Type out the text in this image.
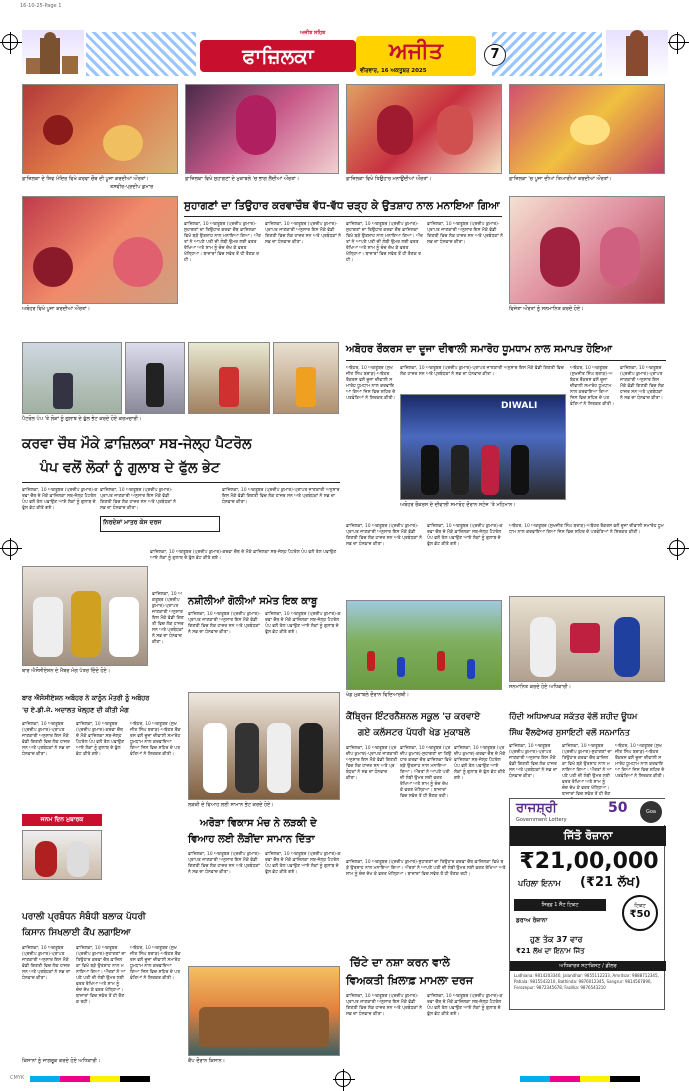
16-10-25-Page 1
ਫਾਜ਼ਿਲਕਾ	ਅਜੀਤ
ਅਜੀਤ ਸਹਿਤ
ਵੀਰਵਾਰ, 16 ਅਕਤੂਬਰ 2025
7
ਫ਼ਾਜ਼ਿਲਕਾ ਦੇ ਸ਼ਿਵ ਮੰਦਿਰ ਵਿਖੇ ਕਰਵਾ ਚੌਥ ਦੀ ਪੂਜਾ ਕਰਦੀਆਂ ਔਰਤਾਂ।	ਫ਼ਾਜ਼ਿਲਕਾ ਵਿਖੇ ਸੁਹਾਗਣਾਂ ਦੇ ਮੁਕਾਬਲੇ 'ਚ ਭਾਗ ਲੈਂਦੀਆਂ ਔਰਤਾਂ।	ਫ਼ਾਜ਼ਿਲਕਾ ਵਿਖੇ ਤਿਉਹਾਰ ਮਨਾਉਂਦੀਆਂ ਔਰਤਾਂ।	ਫ਼ਾਜ਼ਿਲਕਾ 'ਚ ਪੂਜਾ ਦੀਆਂ ਤਿਆਰੀਆਂ ਕਰਦੀਆਂ ਔਰਤਾਂ।
ਅਬੋਹਰ ਵਿਖੇ ਪੂਜਾ ਕਰਦੀਆਂ ਔਰਤਾਂ।
ਸੁਹਾਗਣਾਂ ਦਾ ਤਿਉਹਾਰ ਕਰਵਾਚੌਥ ਵੱਧ-ਵੱਧ ਚੜ੍ਹ ਕੇ ਉਤਸ਼ਾਹ ਨਾਲ ਮਨਾਇਆ ਗਿਆ
ਫ਼ਾਜ਼ਿਲਕਾ, 10 ਅਕਤੂਬਰ (ਪ੍ਰਦੀਪ ਕੁਮਾਰ)-ਸੁਹਾਗਣਾਂ ਦਾ ਤਿਉਹਾਰ ਕਰਵਾ ਚੌਥ ਫ਼ਾਜ਼ਿਲਕਾ ਵਿਖੇ ਬੜੇ ਉਤਸ਼ਾਹ ਨਾਲ ਮਨਾਇਆ ਗਿਆ। ਔਰਤਾਂ ਨੇ ਆਪਣੇ ਪਤੀ ਦੀ ਲੰਬੀ ਉਮਰ ਲਈ ਵਰਤ ਰੱਖਿਆ ਅਤੇ ਸ਼ਾਮ ਨੂੰ ਚੰਦ ਦੇਖ ਕੇ ਵਰਤ ਖੋਲ੍ਹਿਆ। ਬਾਜ਼ਾਰਾਂ ਵਿਚ ਸਵੇਰ ਤੋਂ ਹੀ ਰੌਣਕ ਰਹੀ।
ਫ਼ਾਜ਼ਿਲਕਾ, 10 ਅਕਤੂਬਰ (ਪ੍ਰਦੀਪ ਕੁਮਾਰ)-ਪ੍ਰਾਪਤ ਜਾਣਕਾਰੀ ਅਨੁਸਾਰ ਇਸ ਮੌਕੇ ਵੱਡੀ ਗਿਣਤੀ ਵਿਚ ਲੋਕ ਹਾਜ਼ਰ ਸਨ ਅਤੇ ਪ੍ਰਬੰਧਕਾਂ ਨੇ ਸਭ ਦਾ ਧੰਨਵਾਦ ਕੀਤਾ।
ਫ਼ਾਜ਼ਿਲਕਾ, 10 ਅਕਤੂਬਰ (ਪ੍ਰਦੀਪ ਕੁਮਾਰ)-ਸੁਹਾਗਣਾਂ ਦਾ ਤਿਉਹਾਰ ਕਰਵਾ ਚੌਥ ਫ਼ਾਜ਼ਿਲਕਾ ਵਿਖੇ ਬੜੇ ਉਤਸ਼ਾਹ ਨਾਲ ਮਨਾਇਆ ਗਿਆ। ਔਰਤਾਂ ਨੇ ਆਪਣੇ ਪਤੀ ਦੀ ਲੰਬੀ ਉਮਰ ਲਈ ਵਰਤ ਰੱਖਿਆ ਅਤੇ ਸ਼ਾਮ ਨੂੰ ਚੰਦ ਦੇਖ ਕੇ ਵਰਤ ਖੋਲ੍ਹਿਆ। ਬਾਜ਼ਾਰਾਂ ਵਿਚ ਸਵੇਰ ਤੋਂ ਹੀ ਰੌਣਕ ਰਹੀ।
ਫ਼ਾਜ਼ਿਲਕਾ, 10 ਅਕਤੂਬਰ (ਪ੍ਰਦੀਪ ਕੁਮਾਰ)-ਪ੍ਰਾਪਤ ਜਾਣਕਾਰੀ ਅਨੁਸਾਰ ਇਸ ਮੌਕੇ ਵੱਡੀ ਗਿਣਤੀ ਵਿਚ ਲੋਕ ਹਾਜ਼ਰ ਸਨ ਅਤੇ ਪ੍ਰਬੰਧਕਾਂ ਨੇ ਸਭ ਦਾ ਧੰਨਵਾਦ ਕੀਤਾ।
ਵਿਜੇਤਾ ਔਰਤਾਂ ਨੂੰ ਸਨਮਾਨਿਤ ਕਰਦੇ ਹੋਏ।
ਪੈਟਰੋਲ ਪੰਪ 'ਤੇ ਲੋਕਾਂ ਨੂੰ ਗੁਲਾਬ ਦੇ ਫੁੱਲ ਭੇਟ ਕਰਦੇ ਹੋਏ ਕਰਮਚਾਰੀ।
ਅਬੋਹਰ ਰੌਕਰਸ ਦਾ ਦੂਜਾ ਦੀਵਾਲੀ ਸਮਾਰੋਹ ਧੂਮਧਾਮ ਨਾਲ ਸਮਾਪਤ ਹੋਇਆ
ਅਬੋਹਰ, 10 ਅਕਤੂਬਰ (ਸੁਖਜੀਤ ਸਿੰਘ ਬਰਾੜ)-ਅਬੋਹਰ ਰੌਕਰਸ ਵਲੋਂ ਦੂਜਾ ਦੀਵਾਲੀ ਸਮਾਰੋਹ ਧੂਮਧਾਮ ਨਾਲ ਕਰਵਾਇਆ ਗਿਆ ਜਿਸ ਵਿਚ ਸ਼ਹਿਰ ਦੇ ਪਤਵੰਤਿਆਂ ਨੇ ਸ਼ਿਰਕਤ ਕੀਤੀ।
DIWALI
ਅਬੋਹਰ ਰੌਕਰਸ ਦੇ ਦੀਵਾਲੀ ਸਮਾਰੋਹ ਦੌਰਾਨ ਸਟੇਜ 'ਤੇ ਮਹਿਮਾਨ।
ਫ਼ਾਜ਼ਿਲਕਾ, 10 ਅਕਤੂਬਰ (ਪ੍ਰਦੀਪ ਕੁਮਾਰ)-ਪ੍ਰਾਪਤ ਜਾਣਕਾਰੀ ਅਨੁਸਾਰ ਇਸ ਮੌਕੇ ਵੱਡੀ ਗਿਣਤੀ ਵਿਚ ਲੋਕ ਹਾਜ਼ਰ ਸਨ ਅਤੇ ਪ੍ਰਬੰਧਕਾਂ ਨੇ ਸਭ ਦਾ ਧੰਨਵਾਦ ਕੀਤਾ।
ਅਬੋਹਰ, 10 ਅਕਤੂਬਰ (ਸੁਖਜੀਤ ਸਿੰਘ ਬਰਾੜ)-ਅਬੋਹਰ ਰੌਕਰਸ ਵਲੋਂ ਦੂਜਾ ਦੀਵਾਲੀ ਸਮਾਰੋਹ ਧੂਮਧਾਮ ਨਾਲ ਕਰਵਾਇਆ ਗਿਆ ਜਿਸ ਵਿਚ ਸ਼ਹਿਰ ਦੇ ਪਤਵੰਤਿਆਂ ਨੇ ਸ਼ਿਰਕਤ ਕੀਤੀ।
ਫ਼ਾਜ਼ਿਲਕਾ, 10 ਅਕਤੂਬਰ (ਪ੍ਰਦੀਪ ਕੁਮਾਰ)-ਪ੍ਰਾਪਤ ਜਾਣਕਾਰੀ ਅਨੁਸਾਰ ਇਸ ਮੌਕੇ ਵੱਡੀ ਗਿਣਤੀ ਵਿਚ ਲੋਕ ਹਾਜ਼ਰ ਸਨ ਅਤੇ ਪ੍ਰਬੰਧਕਾਂ ਨੇ ਸਭ ਦਾ ਧੰਨਵਾਦ ਕੀਤਾ।
ਕਰਵਾ ਚੌਥ ਮੌਕੇ ਫ਼ਾਜ਼ਿਲਕਾ ਸਬ-ਜੇਲ੍ਹ ਪੈਟਰੋਲ
ਪੰਪ ਵਲੋਂ ਲੋਕਾਂ ਨੂੰ ਗੁਲਾਬ ਦੇ ਫੁੱਲ ਭੇਟ
ਫ਼ਾਜ਼ਿਲਕਾ, 10 ਅਕਤੂਬਰ (ਪ੍ਰਦੀਪ ਕੁਮਾਰ)-ਕਰਵਾ ਚੌਥ ਦੇ ਮੌਕੇ ਫ਼ਾਜ਼ਿਲਕਾ ਸਬ-ਜੇਲ੍ਹ ਪੈਟਰੋਲ ਪੰਪ ਵਲੋਂ ਤੇਲ ਪਵਾਉਣ ਆਏ ਲੋਕਾਂ ਨੂੰ ਗੁਲਾਬ ਦੇ ਫੁੱਲ ਭੇਟ ਕੀਤੇ ਗਏ।
ਨਿਰਦੇਸ਼ਾਂ ਮਾਤਰ ਕੇਸ ਦਰਜ
ਫ਼ਾਜ਼ਿਲਕਾ, 10 ਅਕਤੂਬਰ (ਪ੍ਰਦੀਪ ਕੁਮਾਰ)-ਪ੍ਰਾਪਤ ਜਾਣਕਾਰੀ ਅਨੁਸਾਰ ਇਸ ਮੌਕੇ ਵੱਡੀ ਗਿਣਤੀ ਵਿਚ ਲੋਕ ਹਾਜ਼ਰ ਸਨ ਅਤੇ ਪ੍ਰਬੰਧਕਾਂ ਨੇ ਸਭ ਦਾ ਧੰਨਵਾਦ ਕੀਤਾ।
ਫ਼ਾਜ਼ਿਲਕਾ, 10 ਅਕਤੂਬਰ (ਪ੍ਰਦੀਪ ਕੁਮਾਰ)-ਪ੍ਰਾਪਤ ਜਾਣਕਾਰੀ ਅਨੁਸਾਰ ਇਸ ਮੌਕੇ ਵੱਡੀ ਗਿਣਤੀ ਵਿਚ ਲੋਕ ਹਾਜ਼ਰ ਸਨ ਅਤੇ ਪ੍ਰਬੰਧਕਾਂ ਨੇ ਸਭ ਦਾ ਧੰਨਵਾਦ ਕੀਤਾ।
ਫ਼ਾਜ਼ਿਲਕਾ, 10 ਅਕਤੂਬਰ (ਪ੍ਰਦੀਪ ਕੁਮਾਰ)-ਕਰਵਾ ਚੌਥ ਦੇ ਮੌਕੇ ਫ਼ਾਜ਼ਿਲਕਾ ਸਬ-ਜੇਲ੍ਹ ਪੈਟਰੋਲ ਪੰਪ ਵਲੋਂ ਤੇਲ ਪਵਾਉਣ ਆਏ ਲੋਕਾਂ ਨੂੰ ਗੁਲਾਬ ਦੇ ਫੁੱਲ ਭੇਟ ਕੀਤੇ ਗਏ।
ਬਾਰ ਐਸੋਸੀਏਸ਼ਨ ਦੇ ਮੈਂਬਰ ਮੰਗ ਪੱਤਰ ਦਿੰਦੇ ਹੋਏ।
ਫ਼ਾਜ਼ਿਲਕਾ, 10 ਅਕਤੂਬਰ (ਪ੍ਰਦੀਪ ਕੁਮਾਰ)-ਪ੍ਰਾਪਤ ਜਾਣਕਾਰੀ ਅਨੁਸਾਰ ਇਸ ਮੌਕੇ ਵੱਡੀ ਗਿਣਤੀ ਵਿਚ ਲੋਕ ਹਾਜ਼ਰ ਸਨ ਅਤੇ ਪ੍ਰਬੰਧਕਾਂ ਨੇ ਸਭ ਦਾ ਧੰਨਵਾਦ ਕੀਤਾ।
ਨਸ਼ੀਲੀਆਂ ਗੋਲੀਆਂ ਸਮੇਤ ਇਕ ਕਾਬੂ
ਫ਼ਾਜ਼ਿਲਕਾ, 10 ਅਕਤੂਬਰ (ਪ੍ਰਦੀਪ ਕੁਮਾਰ)-ਪ੍ਰਾਪਤ ਜਾਣਕਾਰੀ ਅਨੁਸਾਰ ਇਸ ਮੌਕੇ ਵੱਡੀ ਗਿਣਤੀ ਵਿਚ ਲੋਕ ਹਾਜ਼ਰ ਸਨ ਅਤੇ ਪ੍ਰਬੰਧਕਾਂ ਨੇ ਸਭ ਦਾ ਧੰਨਵਾਦ ਕੀਤਾ।
ਫ਼ਾਜ਼ਿਲਕਾ, 10 ਅਕਤੂਬਰ (ਪ੍ਰਦੀਪ ਕੁਮਾਰ)-ਕਰਵਾ ਚੌਥ ਦੇ ਮੌਕੇ ਫ਼ਾਜ਼ਿਲਕਾ ਸਬ-ਜੇਲ੍ਹ ਪੈਟਰੋਲ ਪੰਪ ਵਲੋਂ ਤੇਲ ਪਵਾਉਣ ਆਏ ਲੋਕਾਂ ਨੂੰ ਗੁਲਾਬ ਦੇ ਫੁੱਲ ਭੇਟ ਕੀਤੇ ਗਏ।
ਬਾਰ ਐਸੋਸੀਏਸ਼ਨ ਅਬੋਹਰ ਨੇ ਕਾਨੂੰਨ ਮੰਤਰੀ ਨੂੰ ਅਬੋਹਰ
'ਚ ਏ.ਡੀ.ਜੇ. ਅਦਾਲਤ ਖੋਲ੍ਹਣ ਦੀ ਕੀਤੀ ਮੰਗ
ਫ਼ਾਜ਼ਿਲਕਾ, 10 ਅਕਤੂਬਰ (ਪ੍ਰਦੀਪ ਕੁਮਾਰ)-ਪ੍ਰਾਪਤ ਜਾਣਕਾਰੀ ਅਨੁਸਾਰ ਇਸ ਮੌਕੇ ਵੱਡੀ ਗਿਣਤੀ ਵਿਚ ਲੋਕ ਹਾਜ਼ਰ ਸਨ ਅਤੇ ਪ੍ਰਬੰਧਕਾਂ ਨੇ ਸਭ ਦਾ ਧੰਨਵਾਦ ਕੀਤਾ।
ਫ਼ਾਜ਼ਿਲਕਾ, 10 ਅਕਤੂਬਰ (ਪ੍ਰਦੀਪ ਕੁਮਾਰ)-ਕਰਵਾ ਚੌਥ ਦੇ ਮੌਕੇ ਫ਼ਾਜ਼ਿਲਕਾ ਸਬ-ਜੇਲ੍ਹ ਪੈਟਰੋਲ ਪੰਪ ਵਲੋਂ ਤੇਲ ਪਵਾਉਣ ਆਏ ਲੋਕਾਂ ਨੂੰ ਗੁਲਾਬ ਦੇ ਫੁੱਲ ਭੇਟ ਕੀਤੇ ਗਏ।
ਅਬੋਹਰ, 10 ਅਕਤੂਬਰ (ਸੁਖਜੀਤ ਸਿੰਘ ਬਰਾੜ)-ਅਬੋਹਰ ਰੌਕਰਸ ਵਲੋਂ ਦੂਜਾ ਦੀਵਾਲੀ ਸਮਾਰੋਹ ਧੂਮਧਾਮ ਨਾਲ ਕਰਵਾਇਆ ਗਿਆ ਜਿਸ ਵਿਚ ਸ਼ਹਿਰ ਦੇ ਪਤਵੰਤਿਆਂ ਨੇ ਸ਼ਿਰਕਤ ਕੀਤੀ।
ਜਨਮ ਦਿਨ ਮੁਬਾਰਕ
ਲੜਕੀ ਦੇ ਵਿਆਹ ਲਈ ਸਾਮਾਨ ਭੇਟ ਕਰਦੇ ਹੋਏ।
ਅਰੋੜਾ ਵਿਕਾਸ ਮੰਚ ਨੇ ਲੜਕੀ ਦੇ
ਵਿਆਹ ਲਈ ਲੋੜੀਂਦਾ ਸਾਮਾਨ ਦਿੱਤਾ
ਫ਼ਾਜ਼ਿਲਕਾ, 10 ਅਕਤੂਬਰ (ਪ੍ਰਦੀਪ ਕੁਮਾਰ)-ਪ੍ਰਾਪਤ ਜਾਣਕਾਰੀ ਅਨੁਸਾਰ ਇਸ ਮੌਕੇ ਵੱਡੀ ਗਿਣਤੀ ਵਿਚ ਲੋਕ ਹਾਜ਼ਰ ਸਨ ਅਤੇ ਪ੍ਰਬੰਧਕਾਂ ਨੇ ਸਭ ਦਾ ਧੰਨਵਾਦ ਕੀਤਾ।
ਫ਼ਾਜ਼ਿਲਕਾ, 10 ਅਕਤੂਬਰ (ਪ੍ਰਦੀਪ ਕੁਮਾਰ)-ਕਰਵਾ ਚੌਥ ਦੇ ਮੌਕੇ ਫ਼ਾਜ਼ਿਲਕਾ ਸਬ-ਜੇਲ੍ਹ ਪੈਟਰੋਲ ਪੰਪ ਵਲੋਂ ਤੇਲ ਪਵਾਉਣ ਆਏ ਲੋਕਾਂ ਨੂੰ ਗੁਲਾਬ ਦੇ ਫੁੱਲ ਭੇਟ ਕੀਤੇ ਗਏ।
ਪਰਾਲੀ ਪ੍ਰਬੰਧਨ ਸੰਬੰਧੀ ਬਲਾਕ ਪੱਧਰੀ
ਕਿਸਾਨ ਸਿਖਲਾਈ ਕੈਂਪ ਲਗਾਇਆ
ਫ਼ਾਜ਼ਿਲਕਾ, 10 ਅਕਤੂਬਰ (ਪ੍ਰਦੀਪ ਕੁਮਾਰ)-ਪ੍ਰਾਪਤ ਜਾਣਕਾਰੀ ਅਨੁਸਾਰ ਇਸ ਮੌਕੇ ਵੱਡੀ ਗਿਣਤੀ ਵਿਚ ਲੋਕ ਹਾਜ਼ਰ ਸਨ ਅਤੇ ਪ੍ਰਬੰਧਕਾਂ ਨੇ ਸਭ ਦਾ ਧੰਨਵਾਦ ਕੀਤਾ।
ਫ਼ਾਜ਼ਿਲਕਾ, 10 ਅਕਤੂਬਰ (ਪ੍ਰਦੀਪ ਕੁਮਾਰ)-ਸੁਹਾਗਣਾਂ ਦਾ ਤਿਉਹਾਰ ਕਰਵਾ ਚੌਥ ਫ਼ਾਜ਼ਿਲਕਾ ਵਿਖੇ ਬੜੇ ਉਤਸ਼ਾਹ ਨਾਲ ਮਨਾਇਆ ਗਿਆ। ਔਰਤਾਂ ਨੇ ਆਪਣੇ ਪਤੀ ਦੀ ਲੰਬੀ ਉਮਰ ਲਈ ਵਰਤ ਰੱਖਿਆ ਅਤੇ ਸ਼ਾਮ ਨੂੰ ਚੰਦ ਦੇਖ ਕੇ ਵਰਤ ਖੋਲ੍ਹਿਆ। ਬਾਜ਼ਾਰਾਂ ਵਿਚ ਸਵੇਰ ਤੋਂ ਹੀ ਰੌਣਕ ਰਹੀ।
ਅਬੋਹਰ, 10 ਅਕਤੂਬਰ (ਸੁਖਜੀਤ ਸਿੰਘ ਬਰਾੜ)-ਅਬੋਹਰ ਰੌਕਰਸ ਵਲੋਂ ਦੂਜਾ ਦੀਵਾਲੀ ਸਮਾਰੋਹ ਧੂਮਧਾਮ ਨਾਲ ਕਰਵਾਇਆ ਗਿਆ ਜਿਸ ਵਿਚ ਸ਼ਹਿਰ ਦੇ ਪਤਵੰਤਿਆਂ ਨੇ ਸ਼ਿਰਕਤ ਕੀਤੀ।
ਕੈਂਪ ਦੌਰਾਨ ਕਿਸਾਨ।
ਫ਼ਾਜ਼ਿਲਕਾ, 10 ਅਕਤੂਬਰ (ਪ੍ਰਦੀਪ ਕੁਮਾਰ)-ਪ੍ਰਾਪਤ ਜਾਣਕਾਰੀ ਅਨੁਸਾਰ ਇਸ ਮੌਕੇ ਵੱਡੀ ਗਿਣਤੀ ਵਿਚ ਲੋਕ ਹਾਜ਼ਰ ਸਨ ਅਤੇ ਪ੍ਰਬੰਧਕਾਂ ਨੇ ਸਭ ਦਾ ਧੰਨਵਾਦ ਕੀਤਾ।
ਫ਼ਾਜ਼ਿਲਕਾ, 10 ਅਕਤੂਬਰ (ਪ੍ਰਦੀਪ ਕੁਮਾਰ)-ਕਰਵਾ ਚੌਥ ਦੇ ਮੌਕੇ ਫ਼ਾਜ਼ਿਲਕਾ ਸਬ-ਜੇਲ੍ਹ ਪੈਟਰੋਲ ਪੰਪ ਵਲੋਂ ਤੇਲ ਪਵਾਉਣ ਆਏ ਲੋਕਾਂ ਨੂੰ ਗੁਲਾਬ ਦੇ ਫੁੱਲ ਭੇਟ ਕੀਤੇ ਗਏ।
ਖੇਡ ਮੁਕਾਬਲੇ ਦੌਰਾਨ ਵਿਦਿਆਰਥੀ।
ਕੈਂਬ੍ਰਿਜ ਇੰਟਰਨੈਸ਼ਨਲ ਸਕੂਲ 'ਚ ਕਰਵਾਏ
ਗਏ ਕਲੱਸਟਰ ਪੱਧਰੀ ਖੇਡ ਮੁਕਾਬਲੇ
ਫ਼ਾਜ਼ਿਲਕਾ, 10 ਅਕਤੂਬਰ (ਪ੍ਰਦੀਪ ਕੁਮਾਰ)-ਪ੍ਰਾਪਤ ਜਾਣਕਾਰੀ ਅਨੁਸਾਰ ਇਸ ਮੌਕੇ ਵੱਡੀ ਗਿਣਤੀ ਵਿਚ ਲੋਕ ਹਾਜ਼ਰ ਸਨ ਅਤੇ ਪ੍ਰਬੰਧਕਾਂ ਨੇ ਸਭ ਦਾ ਧੰਨਵਾਦ ਕੀਤਾ।
ਫ਼ਾਜ਼ਿਲਕਾ, 10 ਅਕਤੂਬਰ (ਪ੍ਰਦੀਪ ਕੁਮਾਰ)-ਸੁਹਾਗਣਾਂ ਦਾ ਤਿਉਹਾਰ ਕਰਵਾ ਚੌਥ ਫ਼ਾਜ਼ਿਲਕਾ ਵਿਖੇ ਬੜੇ ਉਤਸ਼ਾਹ ਨਾਲ ਮਨਾਇਆ ਗਿਆ। ਔਰਤਾਂ ਨੇ ਆਪਣੇ ਪਤੀ ਦੀ ਲੰਬੀ ਉਮਰ ਲਈ ਵਰਤ ਰੱਖਿਆ ਅਤੇ ਸ਼ਾਮ ਨੂੰ ਚੰਦ ਦੇਖ ਕੇ ਵਰਤ ਖੋਲ੍ਹਿਆ। ਬਾਜ਼ਾਰਾਂ ਵਿਚ ਸਵੇਰ ਤੋਂ ਹੀ ਰੌਣਕ ਰਹੀ।
ਫ਼ਾਜ਼ਿਲਕਾ, 10 ਅਕਤੂਬਰ (ਪ੍ਰਦੀਪ ਕੁਮਾਰ)-ਕਰਵਾ ਚੌਥ ਦੇ ਮੌਕੇ ਫ਼ਾਜ਼ਿਲਕਾ ਸਬ-ਜੇਲ੍ਹ ਪੈਟਰੋਲ ਪੰਪ ਵਲੋਂ ਤੇਲ ਪਵਾਉਣ ਆਏ ਲੋਕਾਂ ਨੂੰ ਗੁਲਾਬ ਦੇ ਫੁੱਲ ਭੇਟ ਕੀਤੇ ਗਏ।
ਅਬੋਹਰ, 10 ਅਕਤੂਬਰ (ਸੁਖਜੀਤ ਸਿੰਘ ਬਰਾੜ)-ਅਬੋਹਰ ਰੌਕਰਸ ਵਲੋਂ ਦੂਜਾ ਦੀਵਾਲੀ ਸਮਾਰੋਹ ਧੂਮਧਾਮ ਨਾਲ ਕਰਵਾਇਆ ਗਿਆ ਜਿਸ ਵਿਚ ਸ਼ਹਿਰ ਦੇ ਪਤਵੰਤਿਆਂ ਨੇ ਸ਼ਿਰਕਤ ਕੀਤੀ।
ਸਨਮਾਨਿਤ ਕਰਦੇ ਹੋਏ ਅਧਿਕਾਰੀ।
ਹਿੰਦੀ ਅਧਿਆਪਕ ਸਕੱਤਰ ਵੱਲੋਂ ਸ਼ਹੀਦ ਊਧਮ
ਸਿੰਘ ਵੈੱਲਫੇਅਰ ਸੁਸਾਇਟੀ ਵਲੋਂ ਸਨਮਾਨਿਤ
ਫ਼ਾਜ਼ਿਲਕਾ, 10 ਅਕਤੂਬਰ (ਪ੍ਰਦੀਪ ਕੁਮਾਰ)-ਪ੍ਰਾਪਤ ਜਾਣਕਾਰੀ ਅਨੁਸਾਰ ਇਸ ਮੌਕੇ ਵੱਡੀ ਗਿਣਤੀ ਵਿਚ ਲੋਕ ਹਾਜ਼ਰ ਸਨ ਅਤੇ ਪ੍ਰਬੰਧਕਾਂ ਨੇ ਸਭ ਦਾ ਧੰਨਵਾਦ ਕੀਤਾ।
ਫ਼ਾਜ਼ਿਲਕਾ, 10 ਅਕਤੂਬਰ (ਪ੍ਰਦੀਪ ਕੁਮਾਰ)-ਸੁਹਾਗਣਾਂ ਦਾ ਤਿਉਹਾਰ ਕਰਵਾ ਚੌਥ ਫ਼ਾਜ਼ਿਲਕਾ ਵਿਖੇ ਬੜੇ ਉਤਸ਼ਾਹ ਨਾਲ ਮਨਾਇਆ ਗਿਆ। ਔਰਤਾਂ ਨੇ ਆਪਣੇ ਪਤੀ ਦੀ ਲੰਬੀ ਉਮਰ ਲਈ ਵਰਤ ਰੱਖਿਆ ਅਤੇ ਸ਼ਾਮ ਨੂੰ ਚੰਦ ਦੇਖ ਕੇ ਵਰਤ ਖੋਲ੍ਹਿਆ। ਬਾਜ਼ਾਰਾਂ ਵਿਚ ਸਵੇਰ ਤੋਂ ਹੀ ਰੌਣ
ਅਬੋਹਰ, 10 ਅਕਤੂਬਰ (ਸੁਖਜੀਤ ਸਿੰਘ ਬਰਾੜ)-ਅਬੋਹਰ ਰੌਕਰਸ ਵਲੋਂ ਦੂਜਾ ਦੀਵਾਲੀ ਸਮਾਰੋਹ ਧੂਮਧਾਮ ਨਾਲ ਕਰਵਾਇਆ ਗਿਆ ਜਿਸ ਵਿਚ ਸ਼ਹਿਰ ਦੇ ਪਤਵੰਤਿਆਂ ਨੇ ਸ਼ਿਰਕਤ ਕੀਤੀ।
ਚਿੱਟੇ ਦਾ ਨਸ਼ਾ ਕਰਨ ਵਾਲੇ
ਵਿਅਕਤੀ ਖ਼ਿਲਾਫ਼ ਮਾਮਲਾ ਦਰਜ
ਫ਼ਾਜ਼ਿਲਕਾ, 10 ਅਕਤੂਬਰ (ਪ੍ਰਦੀਪ ਕੁਮਾਰ)-ਪ੍ਰਾਪਤ ਜਾਣਕਾਰੀ ਅਨੁਸਾਰ ਇਸ ਮੌਕੇ ਵੱਡੀ ਗਿਣਤੀ ਵਿਚ ਲੋਕ ਹਾਜ਼ਰ ਸਨ ਅਤੇ ਪ੍ਰਬੰਧਕਾਂ ਨੇ ਸਭ ਦਾ ਧੰਨਵਾਦ ਕੀਤਾ।
ਫ਼ਾਜ਼ਿਲਕਾ, 10 ਅਕਤੂਬਰ (ਪ੍ਰਦੀਪ ਕੁਮਾਰ)-ਕਰਵਾ ਚੌਥ ਦੇ ਮੌਕੇ ਫ਼ਾਜ਼ਿਲਕਾ ਸਬ-ਜੇਲ੍ਹ ਪੈਟਰੋਲ ਪੰਪ ਵਲੋਂ ਤੇਲ ਪਵਾਉਣ ਆਏ ਲੋਕਾਂ ਨੂੰ ਗੁਲਾਬ ਦੇ ਫੁੱਲ ਭੇਟ ਕੀਤੇ ਗਏ।
ਫ਼ਾਜ਼ਿਲਕਾ, 10 ਅਕਤੂਬਰ (ਪ੍ਰਦੀਪ ਕੁਮਾਰ)-ਸੁਹਾਗਣਾਂ ਦਾ ਤਿਉਹਾਰ ਕਰਵਾ ਚੌਥ ਫ਼ਾਜ਼ਿਲਕਾ ਵਿਖੇ ਬੜੇ ਉਤਸ਼ਾਹ ਨਾਲ ਮਨਾਇਆ ਗਿਆ। ਔਰਤਾਂ ਨੇ ਆਪਣੇ ਪਤੀ ਦੀ ਲੰਬੀ ਉਮਰ ਲਈ ਵਰਤ ਰੱਖਿਆ ਅਤੇ ਸ਼ਾਮ ਨੂੰ ਚੰਦ ਦੇਖ ਕੇ ਵਰਤ ਖੋਲ੍ਹਿਆ। ਬਾਜ਼ਾਰਾਂ ਵਿਚ ਸਵੇਰ ਤੋਂ ਹੀ ਰੌਣਕ ਰਹੀ।
ਰਾਜਸ਼੍ਰੀ	50
Government Lottery
Goa
ਜਿੱਤੋ ਰੋਜ਼ਾਨਾ
₹21,00,000
ਪਹਿਲਾ ਇਨਾਮ (₹21 ਲੱਖ)
ਸਿਰਫ਼ 1 ਸੈੱਟ ਟਿਕਟ	ਟਿਕਟ
₹50
ਡਰਾਅ ਰੋਜ਼ਾਨਾ
ਹੁਣ ਤੱਕ 37 ਵਾਰ
₹21 ਲੱਖ ਦਾ ਇਨਾਮ ਜਿੱਤ
ਅਧਿਕਾਰਤ ਸਟਾਕਿਸਟ / ਡੀਲਰ
Ludhiana: 9814203340, Jalandhar: 9855112233, Amritsar: 9888712345, Patiala: 9815543210, Bathinda: 9876012345, Sangrur: 9814567890, Ferozepur: 9872345678, Fazilka: 9876543210
ਤਸਵੀਰ-ਪ੍ਰਦੀਪ ਕੁਮਾਰ
ਕਿਸਾਨਾਂ ਨੂੰ ਜਾਗਰੂਕ ਕਰਦੇ ਹੋਏ ਅਧਿਕਾਰੀ।
CMYK
